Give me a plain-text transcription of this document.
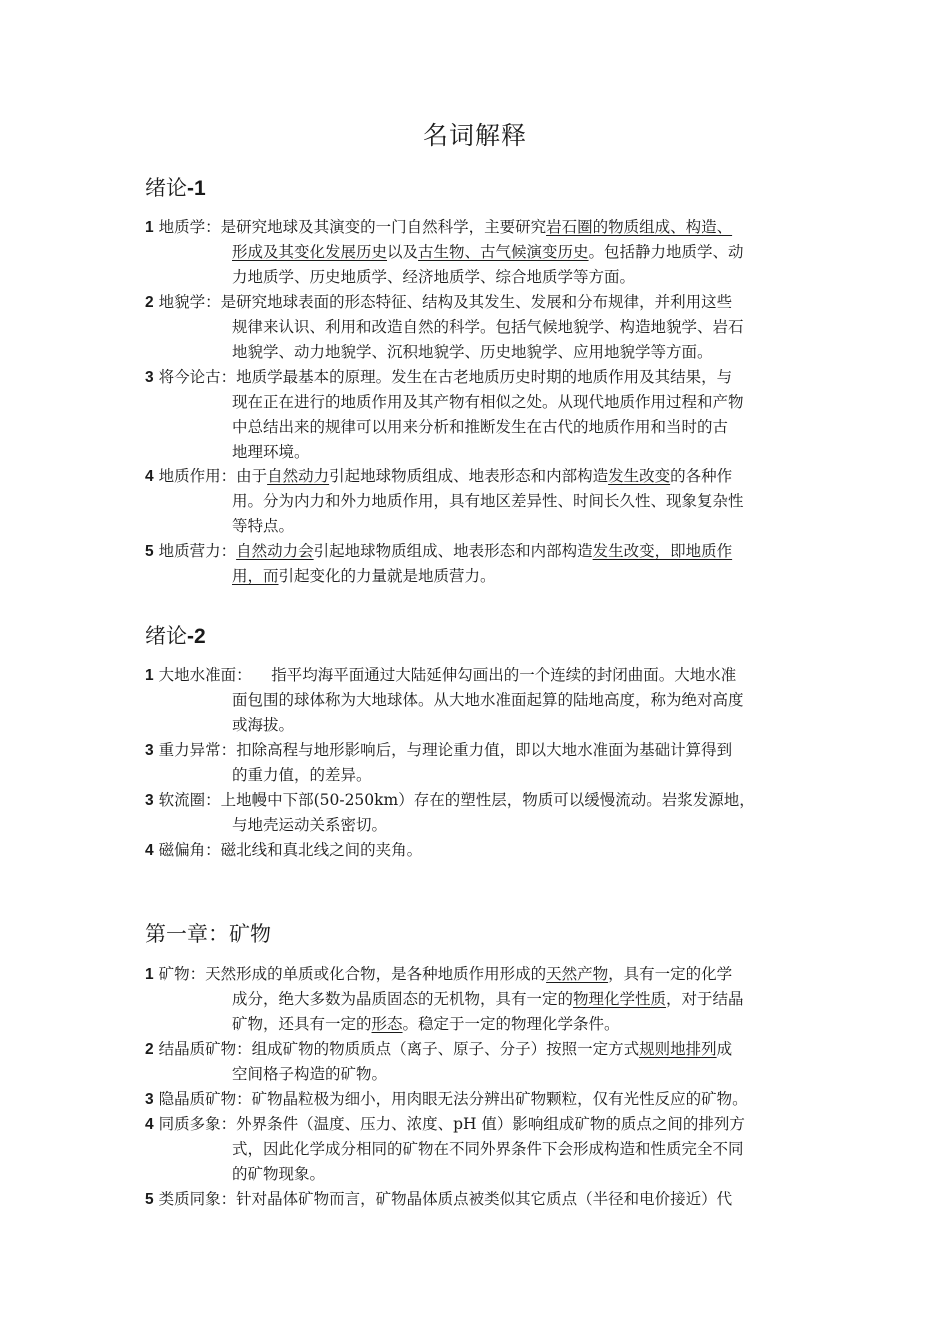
名词解释
绪论-1
1 地质学：是研究地球及其演变的一门自然科学，主要研究岩石圈的物质组成、构造、
形成及其变化发展历史以及古生物、古气候演变历史。包括静力地质学、动
力地质学、历史地质学、经济地质学、综合地质学等方面。
2 地貌学：是研究地球表面的形态特征、结构及其发生、发展和分布规律，并利用这些
规律来认识、利用和改造自然的科学。包括气候地貌学、构造地貌学、岩石
地貌学、动力地貌学、沉积地貌学、历史地貌学、应用地貌学等方面。
3 将今论古：地质学最基本的原理。发生在古老地质历史时期的地质作用及其结果，与
现在正在进行的地质作用及其产物有相似之处。从现代地质作用过程和产物
中总结出来的规律可以用来分析和推断发生在古代的地质作用和当时的古
地理环境。
4 地质作用：由于自然动力引起地球物质组成、地表形态和内部构造发生改变的各种作
用。分为内力和外力地质作用，具有地区差异性、时间长久性、现象复杂性
等特点。
5 地质营力：自然动力会引起地球物质组成、地表形态和内部构造发生改变，即地质作
用，而引起变化的力量就是地质营力。
绪论-2
1 大地水准面：    指平均海平面通过大陆延伸勾画出的一个连续的封闭曲面。大地水准
面包围的球体称为大地球体。从大地水准面起算的陆地高度，称为绝对高度
或海拔。
3 重力异常：扣除高程与地形影响后，与理论重力值，即以大地水准面为基础计算得到
的重力值，的差异。
3 软流圈：上地幔中下部(50-250km）存在的塑性层，物质可以缓慢流动。岩浆发源地，
与地壳运动关系密切。
4 磁偏角：磁北线和真北线之间的夹角。
第一章：矿物
1 矿物：天然形成的单质或化合物，是各种地质作用形成的天然产物，具有一定的化学
成分，绝大多数为晶质固态的无机物，具有一定的物理化学性质，对于结晶
矿物，还具有一定的形态。稳定于一定的物理化学条件。
2 结晶质矿物：组成矿物的物质质点（离子、原子、分子）按照一定方式规则地排列成
空间格子构造的矿物。
3 隐晶质矿物：矿物晶粒极为细小，用肉眼无法分辨出矿物颗粒，仅有光性反应的矿物。
4 同质多象：外界条件（温度、压力、浓度、pH 值）影响组成矿物的质点之间的排列方
式，因此化学成分相同的矿物在不同外界条件下会形成构造和性质完全不同
的矿物现象。
5 类质同象：针对晶体矿物而言，矿物晶体质点被类似其它质点（半径和电价接近）代
